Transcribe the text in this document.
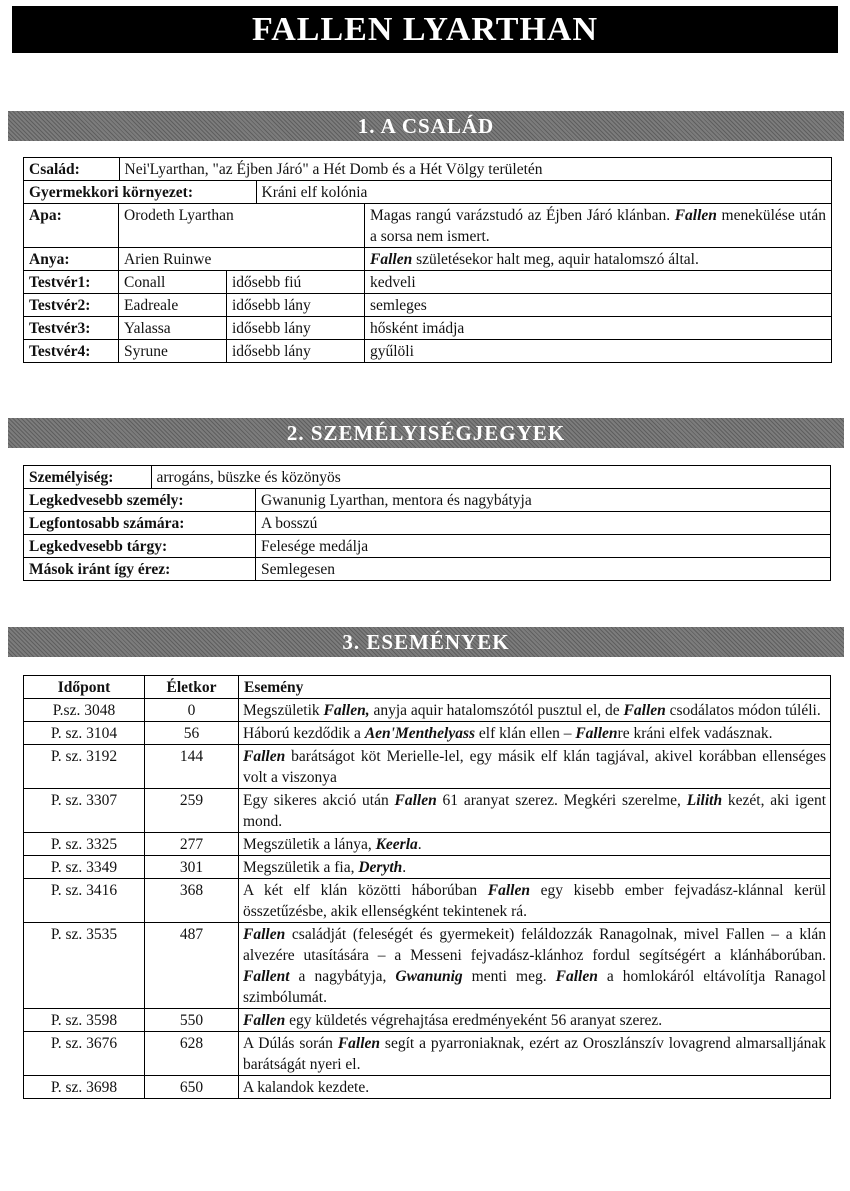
FALLEN LYARTHAN
1. A CSALÁD
Család:	Nei'Lyarthan, "az Éjben Járó" a Hét Domb és a Hét Völgy területén

Gyermekkori környezet:	Kráni elf kolónia

Apa:	Orodeth Lyarthan	Magas rangú varázstudó az Éjben Járó klánban. Fallen menekülése után a sorsa nem ismert.
Anya:	Arien Ruinwe	Fallen születésekor halt meg, aquir hatalomszó által.
Testvér1:	Conall	idősebb fiú	kedveli
Testvér2:	Eadreale	idősebb lány	semleges
Testvér3:	Yalassa	idősebb lány	hősként imádja
Testvér4:	Syrune	idősebb lány	gyűlöli
2. SZEMÉLYISÉGJEGYEK
Személyiség:	arrogáns, büszke és közönyös

Legkedvesebb személy:	Gwanunig Lyarthan, mentora és nagybátyja
Legfontosabb számára:	A bosszú
Legkedvesebb tárgy:	Felesége medálja
Mások iránt így érez:	Semlegesen
3. ESEMÉNYEK
Időpont	Életkor	Esemény
P.sz. 3048	0	Megszületik Fallen, anyja aquir hatalomszótól pusztul el, de Fallen csodálatos módon túléli.
P. sz. 3104	56	Háború kezdődik a Aen'Menthelyass elf klán ellen – Fallenre kráni elfek vadásznak.
P. sz. 3192	144	Fallen barátságot köt Merielle-lel, egy másik elf klán tagjával, akivel korábban ellenséges volt a viszonya
P. sz. 3307	259	Egy sikeres akció után Fallen 61 aranyat szerez. Megkéri szerelme, Lilith kezét, aki igent mond.
P. sz. 3325	277	Megszületik a lánya, Keerla.
P. sz. 3349	301	Megszületik a fia, Deryth.
P. sz. 3416	368	A két elf klán közötti háborúban Fallen egy kisebb ember fejvadász-klánnal kerül összetűzésbe, akik ellenségként tekintenek rá.
P. sz. 3535	487	Fallen családját (feleségét és gyermekeit) feláldozzák Ranagolnak, mivel Fallen – a klán alvezére utasítására – a Messeni fejvadász-klánhoz fordul segítségért a klánháborúban. Fallent a nagybátyja, Gwanunig menti meg. Fallen a homlokáról eltávolítja Ranagol szimbólumát.
P. sz. 3598	550	Fallen egy küldetés végrehajtása eredményeként 56 aranyat szerez.
P. sz. 3676	628	A Dúlás során Fallen segít a pyarroniaknak, ezért az Oroszlánszív lovagrend almarsalljának barátságát nyeri el.
P. sz. 3698	650	A kalandok kezdete.
